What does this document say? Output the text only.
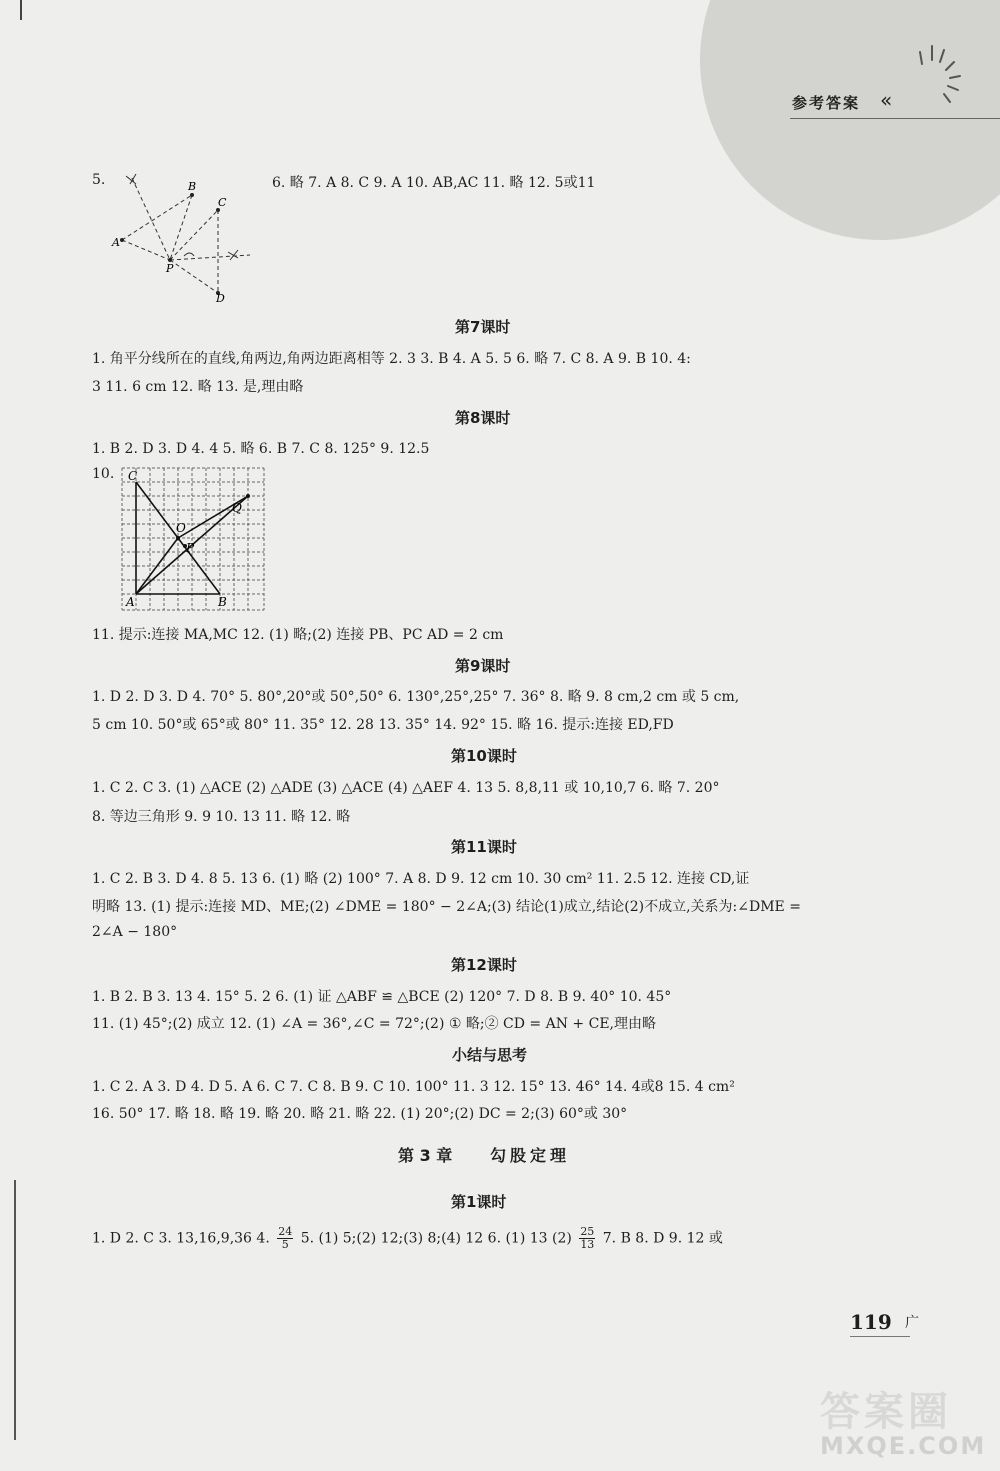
参考答案 «
5.
A
B
C
D
P
6. 略 7. A 8. C 9. A 10. AB,AC 11. 略 12. 5或11
第7课时
1. 角平分线所在的直线,角两边,角两边距离相等 2. 3 3. B 4. A 5. 5 6. 略 7. C 8. A 9. B 10. 4:
3 11. 6 cm 12. 略 13. 是,理由略
第8课时
1. B 2. D 3. D 4. 4 5. 略 6. B 7. C 8. 125° 9. 12.5
10. C
Q
O
P
A	B
11. 提示:连接 MA,MC 12. (1) 略;(2) 连接 PB、PC AD = 2 cm
第9课时
1. D 2. D 3. D 4. 70° 5. 80°,20°或 50°,50° 6. 130°,25°,25° 7. 36° 8. 略 9. 8 cm,2 cm 或 5 cm,
5 cm 10. 50°或 65°或 80° 11. 35° 12. 28 13. 35° 14. 92° 15. 略 16. 提示:连接 ED,FD
第10课时
1. C 2. C 3. (1) △ACE (2) △ADE (3) △ACE (4) △AEF 4. 13 5. 8,8,11 或 10,10,7 6. 略 7. 20°
8. 等边三角形 9. 9 10. 13 11. 略 12. 略
第11课时
1. C 2. B 3. D 4. 8 5. 13 6. (1) 略 (2) 100° 7. A 8. D 9. 12 cm 10. 30 cm² 11. 2.5 12. 连接 CD,证
明略 13. (1) 提示:连接 MD、ME;(2) ∠DME = 180° − 2∠A;(3) 结论(1)成立,结论(2)不成立,关系为:∠DME =
2∠A − 180°
第12课时
1. B 2. B 3. 13 4. 15° 5. 2 6. (1) 证 △ABF ≌ △BCE (2) 120° 7. D 8. B 9. 40° 10. 45°
11. (1) 45°;(2) 成立 12. (1) ∠A = 36°,∠C = 72°;(2) ① 略;② CD = AN + CE,理由略
小结与思考
1. C 2. A 3. D 4. D 5. A 6. C 7. C 8. B 9. C 10. 100° 11. 3 12. 15° 13. 46° 14. 4或8 15. 4 cm²
16. 50° 17. 略 18. 略 19. 略 20. 略 21. 略 22. (1) 20°;(2) DC = 2;(3) 60°或 30°
第 3 章 勾股定理
第1课时
1. D 2. C 3. 13,16,9,36 4. $\frac{24}{5} 5$. (1) 5;(2) 12;(3) 8;(4) 12 6. (1) 13 $(2) \frac{25}{13} 7$. B 8. D 9. 12 或
119 广
答案圈
MXQE.COM
